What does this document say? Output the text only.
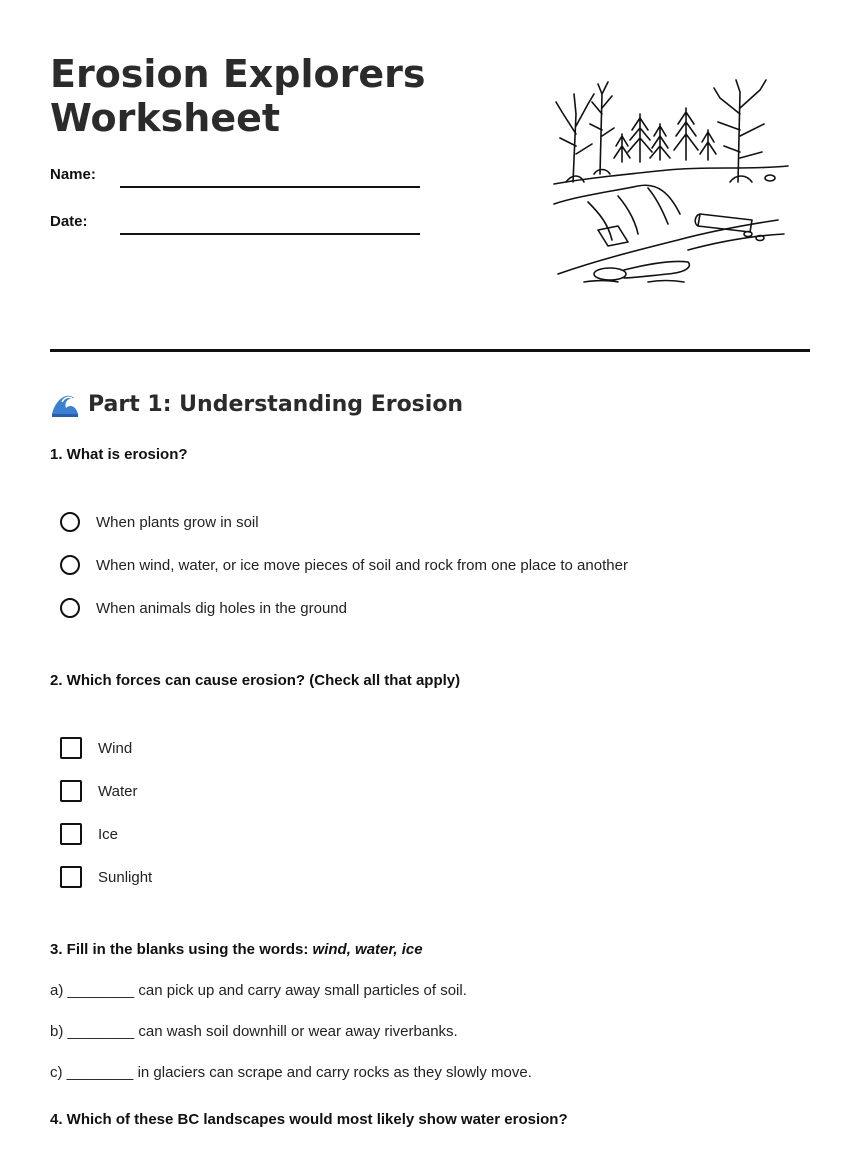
Erosion Explorers
Worksheet
Name:
Date:
Part 1: Understanding Erosion
1. What is erosion?
When plants grow in soil
When wind, water, or ice move pieces of soil and rock from one place to another
When animals dig holes in the ground
2. Which forces can cause erosion? (Check all that apply)
Wind
Water
Ice
Sunlight
3. Fill in the blanks using the words: wind, water, ice
a) ________ can pick up and carry away small particles of soil.
b) ________ can wash soil downhill or wear away riverbanks.
c) ________ in glaciers can scrape and carry rocks as they slowly move.
4. Which of these BC landscapes would most likely show water erosion?
